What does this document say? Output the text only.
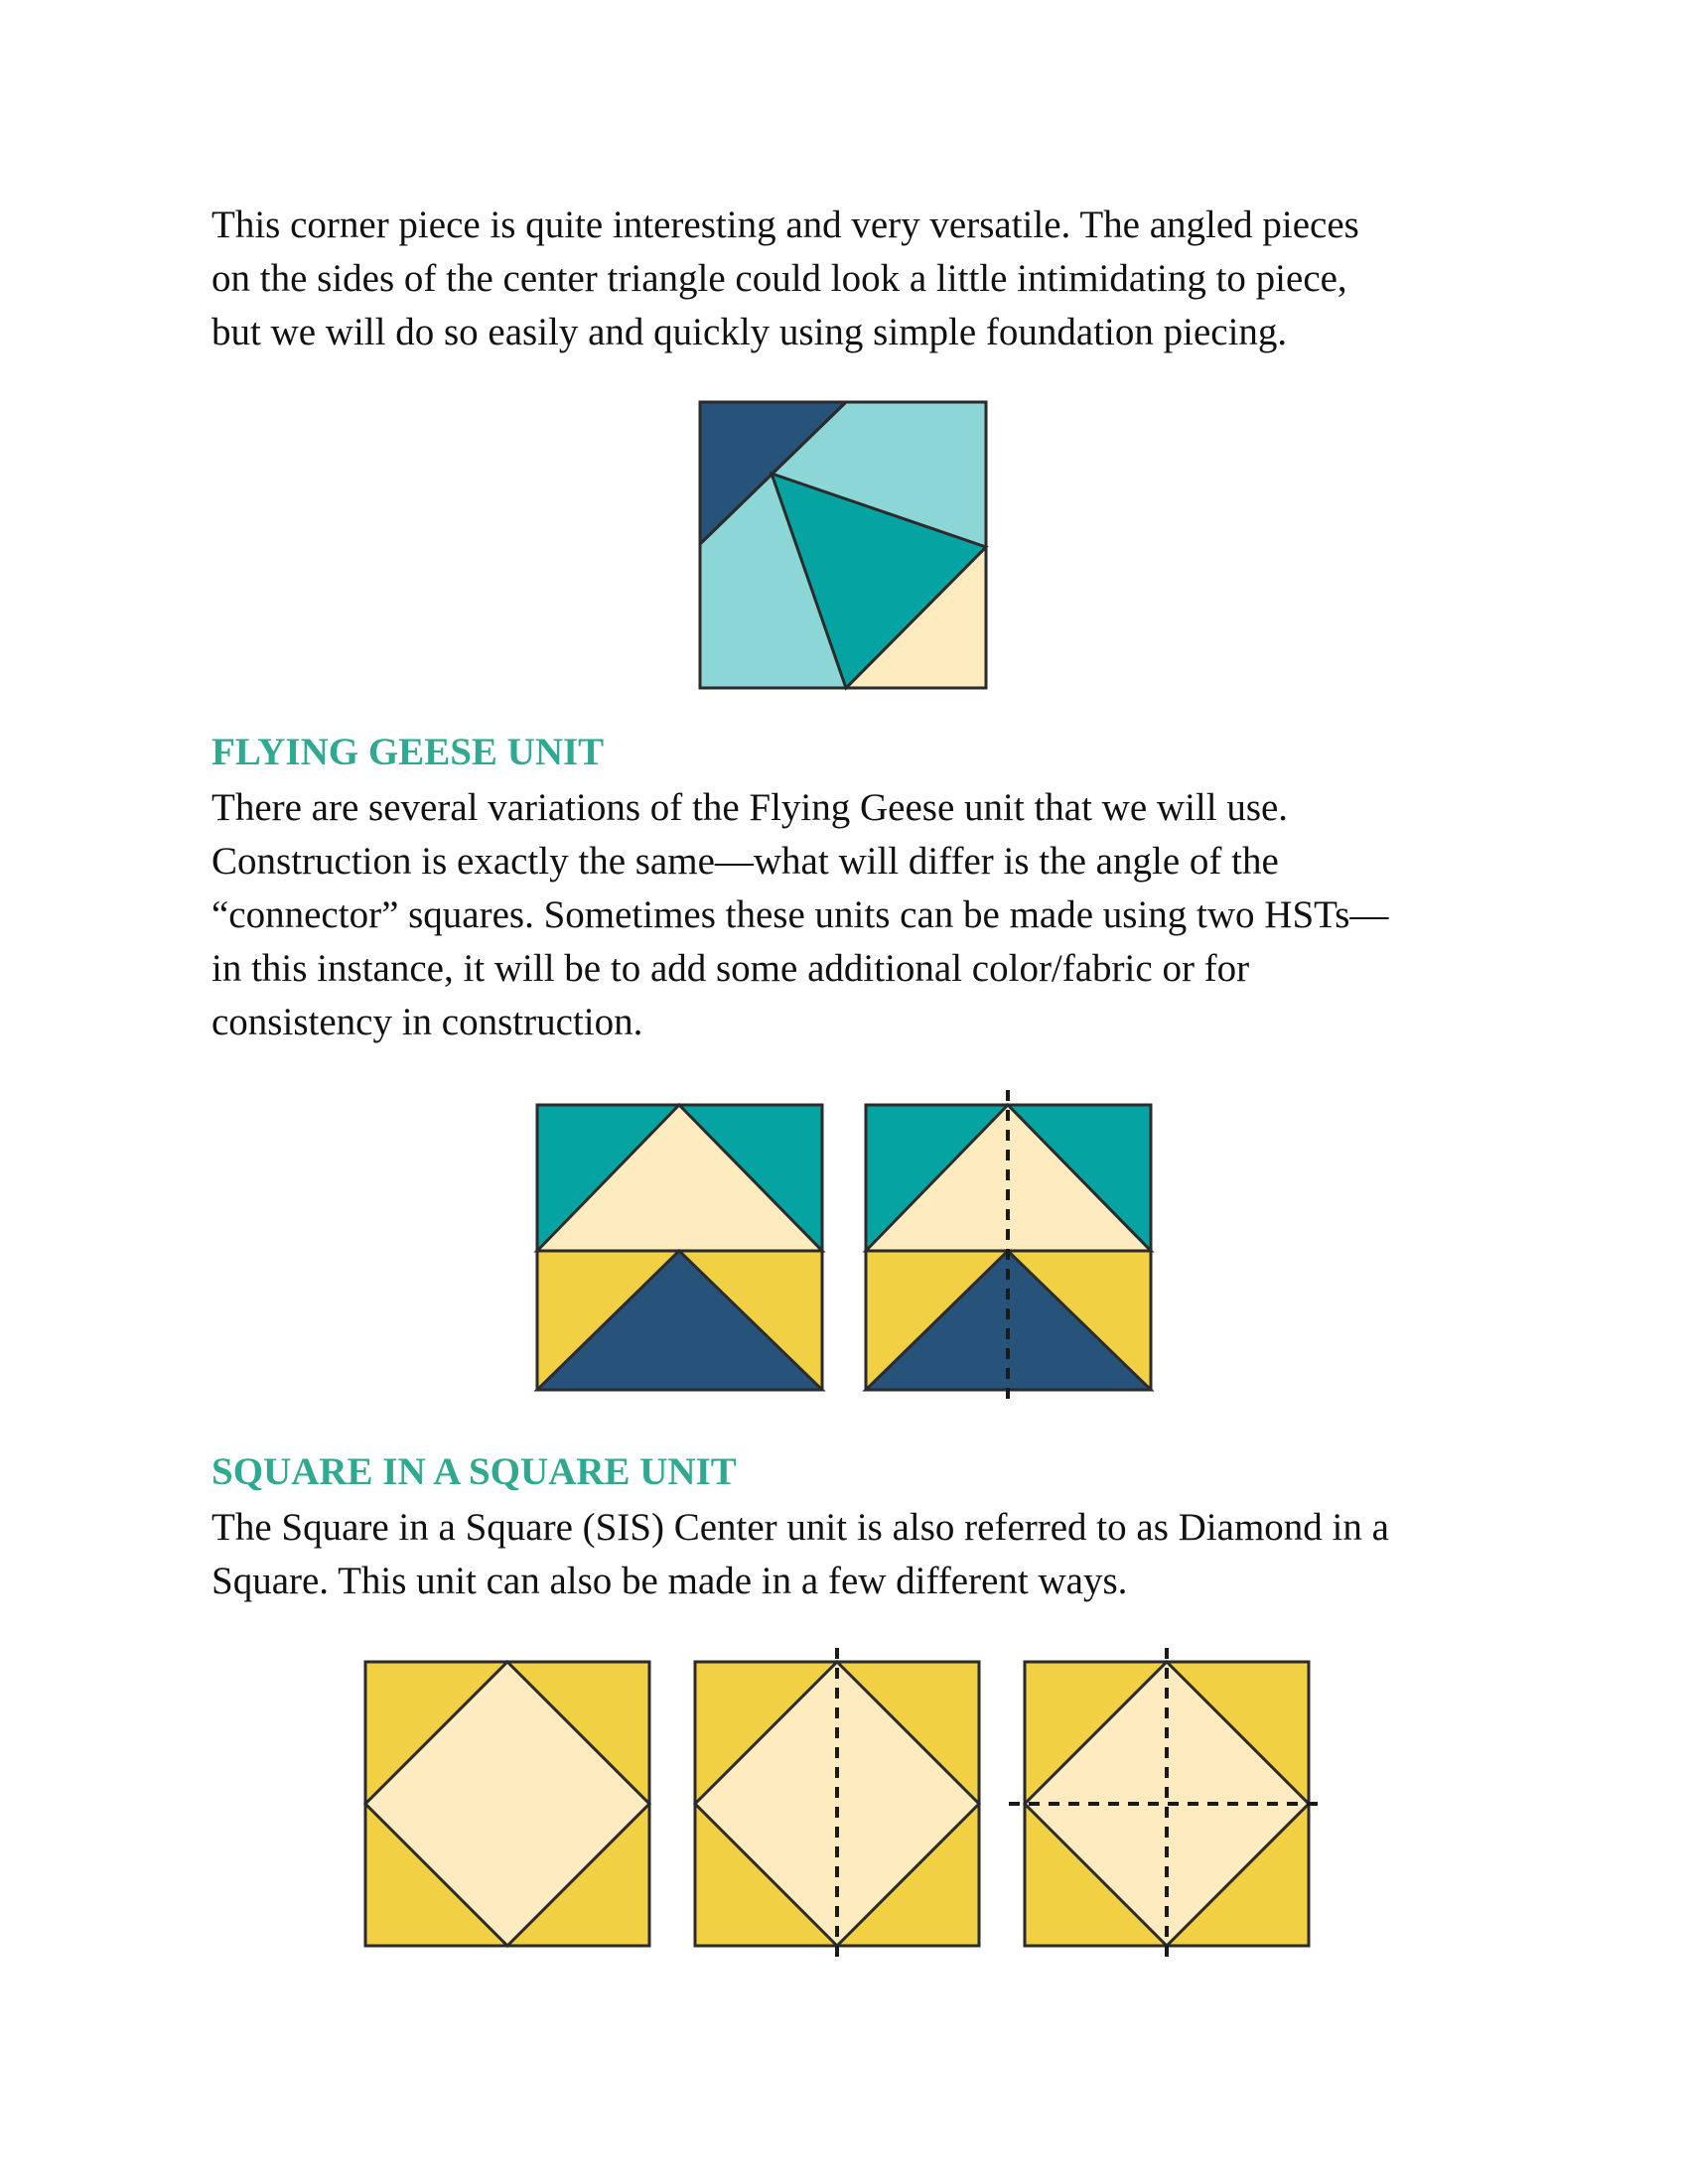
This corner piece is quite interesting and very versatile. The angled pieces
on the sides of the center triangle could look a little intimidating to piece,
but we will do so easily and quickly using simple foundation piecing.

FLYING GEESE UNIT

There are several variations of the Flying Geese unit that we will use.
Construction is exactly the same—what will differ is the angle of the
“connector” squares. Sometimes these units can be made using two HSTs—
in this instance, it will be to add some additional color/fabric or for
consistency in construction.

SQUARE IN A SQUARE UNIT

The Square in a Square (SIS) Center unit is also referred to as Diamond in a
Square. This unit can also be made in a few different ways.
